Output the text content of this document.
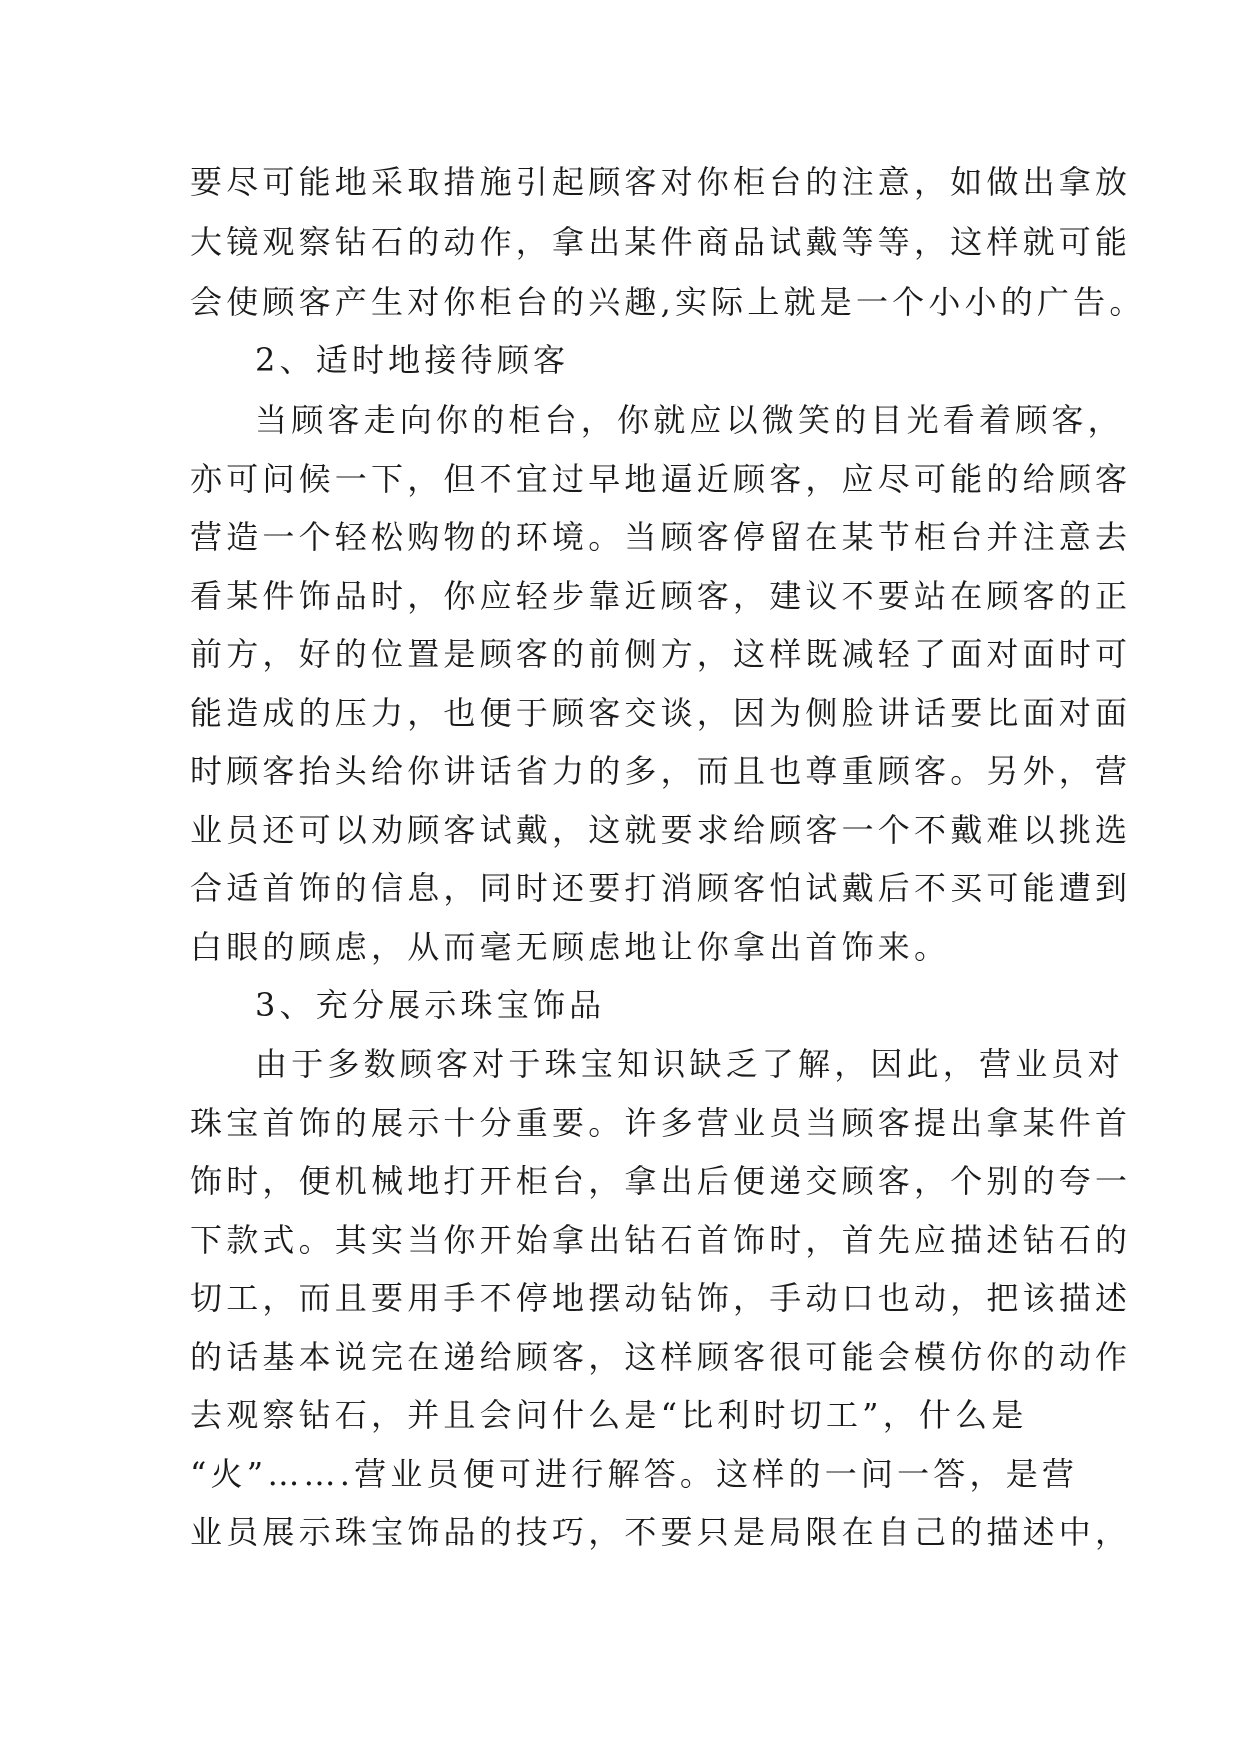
要尽可能地采取措施引起顾客对你柜台的注意，如做出拿放
大镜观察钻石的动作，拿出某件商品试戴等等，这样就可能
会使顾客产生对你柜台的兴趣,实际上就是一个小小的广告。
2、适时地接待顾客
当顾客走向你的柜台，你就应以微笑的目光看着顾客，
亦可问候一下，但不宜过早地逼近顾客，应尽可能的给顾客
营造一个轻松购物的环境。当顾客停留在某节柜台并注意去
看某件饰品时，你应轻步靠近顾客，建议不要站在顾客的正
前方，好的位置是顾客的前侧方，这样既减轻了面对面时可
能造成的压力，也便于顾客交谈，因为侧脸讲话要比面对面
时顾客抬头给你讲话省力的多，而且也尊重顾客。另外，营
业员还可以劝顾客试戴，这就要求给顾客一个不戴难以挑选
合适首饰的信息，同时还要打消顾客怕试戴后不买可能遭到
白眼的顾虑，从而毫无顾虑地让你拿出首饰来。
3、充分展示珠宝饰品
由于多数顾客对于珠宝知识缺乏了解，因此，营业员对
珠宝首饰的展示十分重要。许多营业员当顾客提出拿某件首
饰时，便机械地打开柜台，拿出后便递交顾客，个别的夸一
下款式。其实当你开始拿出钻石首饰时，首先应描述钻石的
切工，而且要用手不停地摆动钻饰，手动口也动，把该描述
的话基本说完在递给顾客，这样顾客很可能会模仿你的动作
去观察钻石，并且会问什么是“比利时切工”，什么是
“火”…….营业员便可进行解答。这样的一问一答，是营
业员展示珠宝饰品的技巧，不要只是局限在自己的描述中，
